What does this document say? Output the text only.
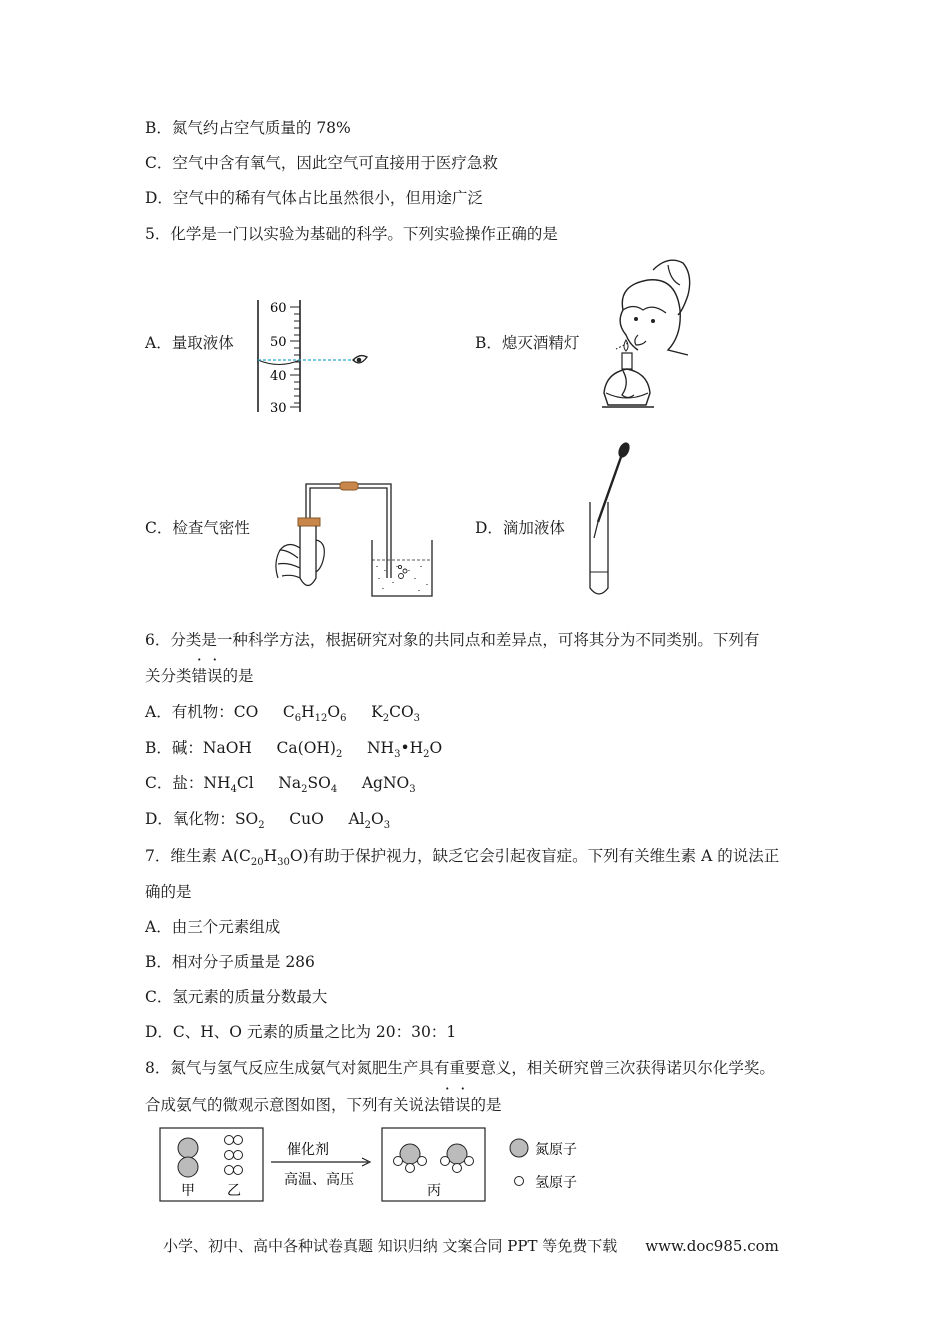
B．氮气约占空气质量的 78%
C．空气中含有氧气，因此空气可直接用于医疗急救
D．空气中的稀有气体占比虽然很小，但用途广泛
5．化学是一门以实验为基础的科学。下列实验操作正确的是
A．量取液体
60
50
40
30
B．熄灭酒精灯
C．检查气密性	D．滴加液体
6．分类是一种科学方法，根据研究对象的共同点和差异点，可将其分为不同类别。下列有
关分类错误的是
A．有机物：CO     $C_6H_{12}O_6$     $K_2CO_3$
B．碱：NaOH     $Ca(OH)_2$     $NH_3•H_2O$
C．盐：$NH_4Cl$     $Na_2SO_4$     AgNO$_3$
D．氧化物：$SO_2$     CuO     $Al_2O_3$
7．维生素 $A(C_{20}H_{30}O)$有助于保护视力，缺乏它会引起夜盲症。下列有关维生素 A 的说法正
确的是
A．由三个元素组成
B．相对分子质量是 286
C．氢元素的质量分数最大
D．C、H、O 元素的质量之比为 20：30：1
8．氮气与氢气反应生成氨气对氮肥生产具有重要意义，相关研究曾三次获得诺贝尔化学奖。
合成氨气的微观示意图如图，下列有关说法错误的是
甲 乙
催化剂
高温、高压
丙
氮原子
氢原子
小学、初中、高中各种试卷真题 知识归纳 文案合同 PPT 等免费下载 www.doc985.com
